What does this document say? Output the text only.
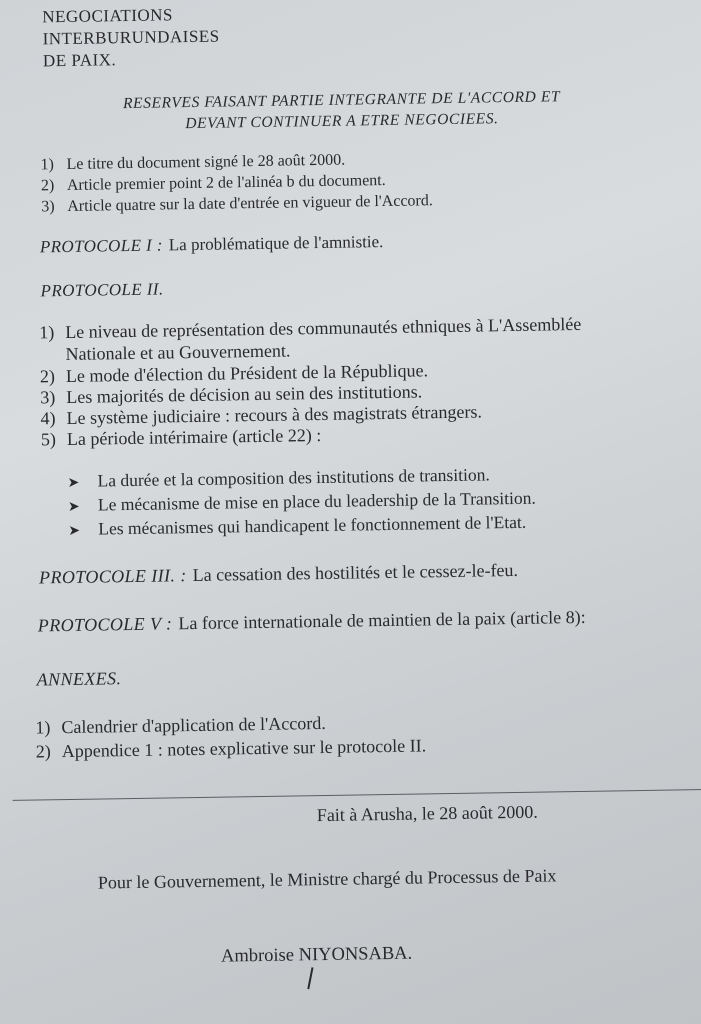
NEGOCIATIONS
INTERBURUNDAISES
DE PAIX.
RESERVES FAISANT PARTIE INTEGRANTE DE L'ACCORD ET
DEVANT CONTINUER A ETRE NEGOCIEES.
1) Le titre du document signé le 28 août 2000.
2) Article premier point 2 de l'alinéa b du document.
3) Article quatre sur la date d'entrée en vigueur de l'Accord.
PROTOCOLE I : La problématique de l'amnistie.
PROTOCOLE II.
1) Le niveau de représentation des communautés ethniques à L'Assemblée
Nationale et au Gouvernement.
2) Le mode d'élection du Président de la République.
3) Les majorités de décision au sein des institutions.
4) Le système judiciaire : recours à des magistrats étrangers.
5) La période intérimaire (article 22) :
➤ La durée et la composition des institutions de transition.
➤ Le mécanisme de mise en place du leadership de la Transition.
➤ Les mécanismes qui handicapent le fonctionnement de l'Etat.
PROTOCOLE III. : La cessation des hostilités et le cessez-le-feu.
PROTOCOLE V : La force internationale de maintien de la paix (article 8):
ANNEXES.
1) Calendrier d'application de l'Accord.
2) Appendice 1 : notes explicative sur le protocole II.
Fait à Arusha, le 28 août 2000.
Pour le Gouvernement, le Ministre chargé du Processus de Paix
Ambroise NIYONSABA.
